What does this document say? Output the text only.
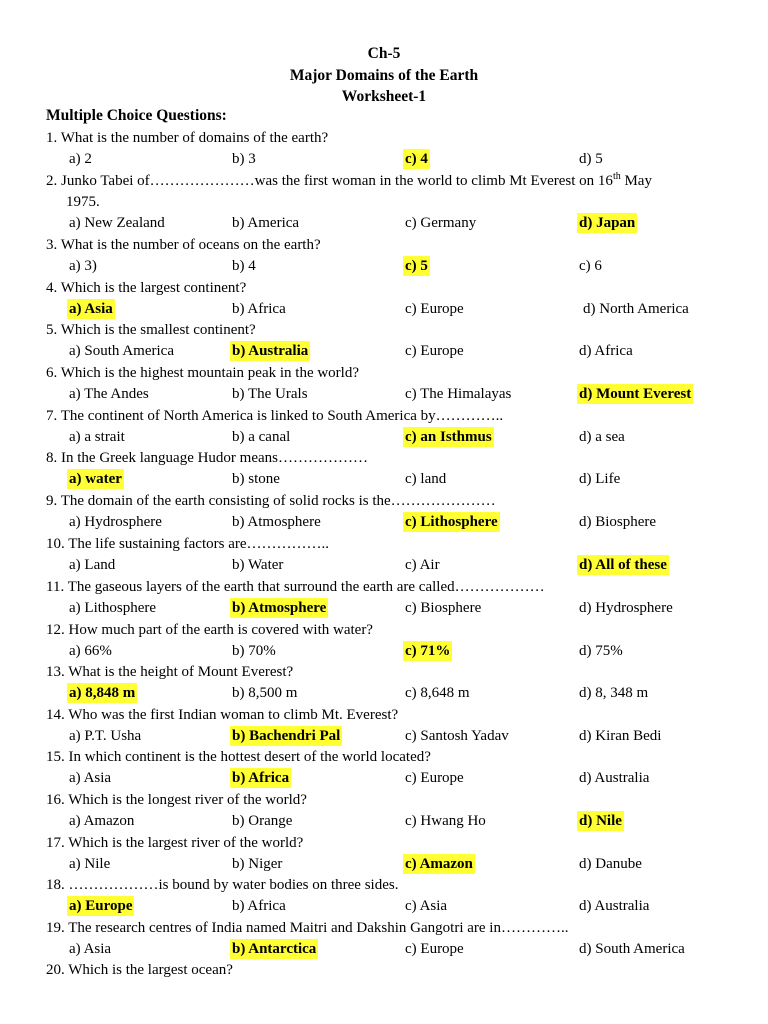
Ch-5
Major Domains of the Earth
Worksheet-1
Multiple Choice Questions:
1. What is the number of domains of the earth?
a) 2	b) 3	c) 4	d) 5
1975.
2. Junko Tabei of…………………was the first woman in the world to climb Mt Everest on 16th May
a) New Zealand	b) America	c) Germany	d) Japan
3. What is the number of oceans on the earth?
a) 3)	b) 4	c) 5	c) 6
4. Which is the largest continent?
a) Asia	b) Africa	c) Europe	d) North America
5. Which is the smallest continent?
a) South America	b) Australia	c) Europe	d) Africa
6. Which is the highest mountain peak in the world?
a) The Andes	b) The Urals	c) The Himalayas	d) Mount Everest
7. The continent of North America is linked to South America by…………..
a) a strait	b) a canal	c) an Isthmus	d) a sea
8. In the Greek language Hudor means………………
a) water	b) stone	c) land	d) Life
9. The domain of the earth consisting of solid rocks is the…………………
a) Hydrosphere	b) Atmosphere	c) Lithosphere	d) Biosphere
10. The life sustaining factors are……………..
a) Land	b) Water	c) Air	d) All of these
11. The gaseous layers of the earth that surround the earth are called………………
a) Lithosphere	b) Atmosphere	c) Biosphere	d) Hydrosphere
12. How much part of the earth is covered with water?
a) 66%	b) 70%	c) 71%	d) 75%
13. What is the height of Mount Everest?
a) 8,848 m	b) 8,500 m	c) 8,648 m	d) 8, 348 m
14. Who was the first Indian woman to climb Mt. Everest?
a) P.T. Usha	b) Bachendri Pal	c) Santosh Yadav	d) Kiran Bedi
15. In which continent is the hottest desert of the world located?
a) Asia	b) Africa	c) Europe	d) Australia
16. Which is the longest river of the world?
a) Amazon	b) Orange	c) Hwang Ho	d) Nile
17. Which is the largest river of the world?
a) Nile	b) Niger	c) Amazon	d) Danube
18. ………………is bound by water bodies on three sides.
a) Europe	b) Africa	c) Asia	d) Australia
19. The research centres of India named Maitri and Dakshin Gangotri are in…………..
a) Asia	b) Antarctica	c) Europe	d) South America
20. Which is the largest ocean?
